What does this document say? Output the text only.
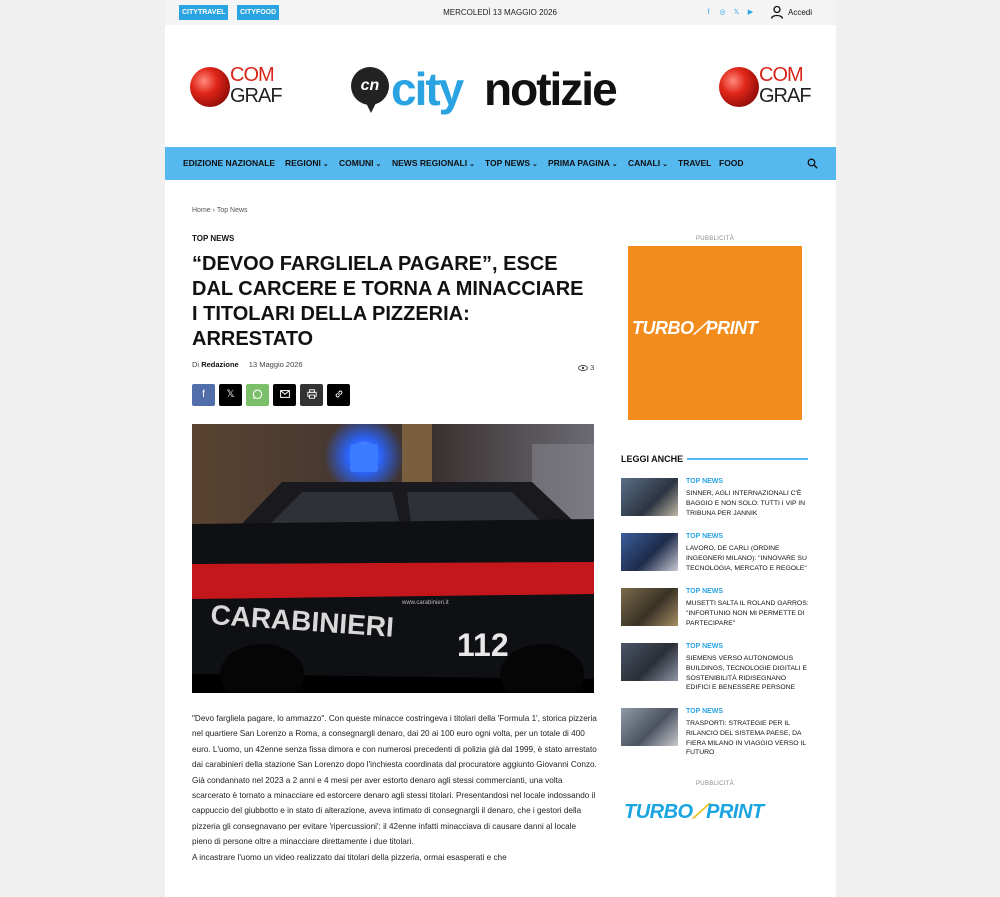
CITYTRAVEL	CITYFOOD	MERCOLEDÌ 13 MAGGIO 2026	f	◎	𝕏	▶	Accedi
COM
GRAF	cn city notizie	COM
GRAF
EDIZIONE NAZIONALE REGIONI ⌄ COMUNI ⌄ NEWS REGIONALI ⌄ TOP NEWS ⌄ PRIMA PAGINA ⌄ CANALI ⌄ TRAVEL FOOD
Home › Top News
TOP NEWS
“DEVOO FARGLIELA PAGARE”, ESCE DAL CARCERE E TORNA A MINACCIARE I TITOLARI DELLA PIZZERIA: ARRESTATO
Di Redazione 13 Maggio 2026	3
f	𝕏
CARABINIERI
112
www.carabinieri.it

"Devo fargliela pagare, lo ammazzo". Con queste minacce costringeva i titolari della 'Formula 1', storica pizzeria nel quartiere San Lorenzo a Roma, a consegnargli denaro, dai 20 ai 100 euro ogni volta, per un totale di 400 euro. L'uomo, un 42enne senza fissa dimora e con numerosi precedenti di polizia già dal 1999, è stato arrestato dai carabinieri della stazione San Lorenzo dopo l'inchiesta coordinata dal procuratore aggiunto Giovanni Conzo. Già condannato nel 2023 a 2 anni e 4 mesi per aver estorto denaro agli stessi commercianti, una volta scarcerato è tornato a minacciare ed estorcere denaro agli stessi titolari. Presentandosi nel locale indossando il cappuccio del giubbotto e in stato di alterazione, aveva intimato di consegnargli il denaro, che i gestori della pizzeria gli consegnavano per evitare 'ripercussioni': il 42enne infatti minacciava di causare danni al locale pieno di persone oltre a minacciare direttamente i due titolari.

A incastrare l'uomo un video realizzato dai titolari della pizzeria, ormai esasperati e che

PUBBLICITÀ
TURBO⟋PRINT
LEGGI ANCHE
TOP NEWS
SINNER, AGLI INTERNAZIONALI C'È BAGGIO E NON SOLO: TUTTI I VIP IN TRIBUNA PER JANNIK
TOP NEWS
LAVORO, DE CARLI (ORDINE INGEGNERI MILANO): "INNOVARE SU TECNOLOGIA, MERCATO E REGOLE"
TOP NEWS
MUSETTI SALTA IL ROLAND GARROS: "INFORTUNIO NON MI PERMETTE DI PARTECIPARE"
TOP NEWS
SIEMENS VERSO AUTONOMOUS BUILDINGS, TECNOLOGIE DIGITALI E SOSTENIBILITÀ RIDISEGNANO EDIFICI E BENESSERE PERSONE
TOP NEWS
TRASPORTI: STRATEGIE PER IL RILANCIO DEL SISTEMA PAESE, DA FIERA MILANO IN VIAGGIO VERSO IL FUTURO
PUBBLICITÀ
TURBO⟋PRINT
